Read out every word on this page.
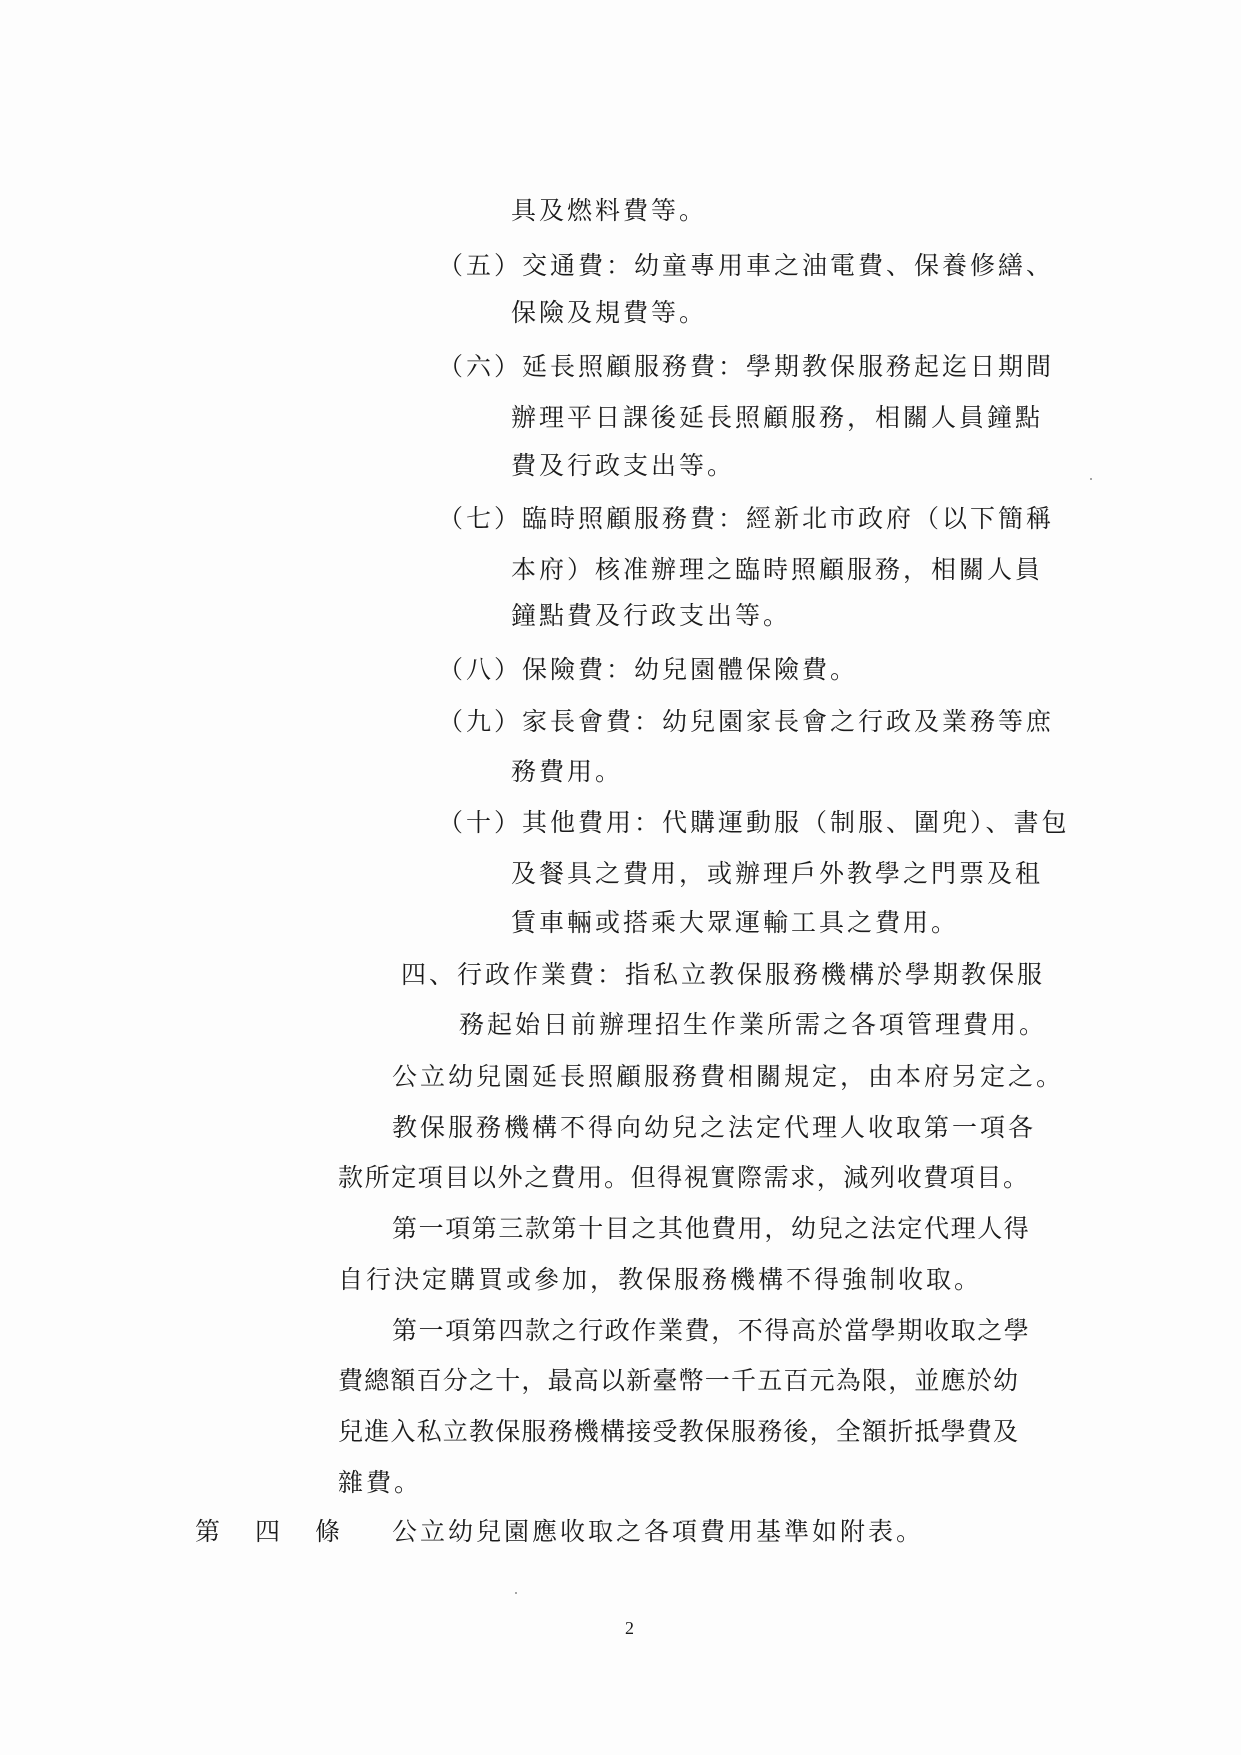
具及燃料費等。
（五）交通費：幼童專用車之油電費、保養修繕、
保險及規費等。
（六）延長照顧服務費：學期教保服務起迄日期間
辦理平日課後延長照顧服務，相關人員鐘點
費及行政支出等。
（七）臨時照顧服務費：經新北市政府（以下簡稱
本府）核准辦理之臨時照顧服務，相關人員
鐘點費及行政支出等。
（八）保險費：幼兒園體保險費。
（九）家長會費：幼兒園家長會之行政及業務等庶
務費用。
（十）其他費用：代購運動服（制服、圍兜）、書包
及餐具之費用，或辦理戶外教學之門票及租
賃車輛或搭乘大眾運輸工具之費用。
四、行政作業費：指私立教保服務機構於學期教保服
務起始日前辦理招生作業所需之各項管理費用。
公立幼兒園延長照顧服務費相關規定，由本府另定之。
教保服務機構不得向幼兒之法定代理人收取第一項各
款所定項目以外之費用。但得視實際需求，減列收費項目。
第一項第三款第十目之其他費用，幼兒之法定代理人得
自行決定購買或參加，教保服務機構不得強制收取。
第一項第四款之行政作業費，不得高於當學期收取之學
費總額百分之十，最高以新臺幣一千五百元為限，並應於幼
兒進入私立教保服務機構接受教保服務後，全額折抵學費及
雜費。
第 四 條 公立幼兒園應收取之各項費用基準如附表。
2
